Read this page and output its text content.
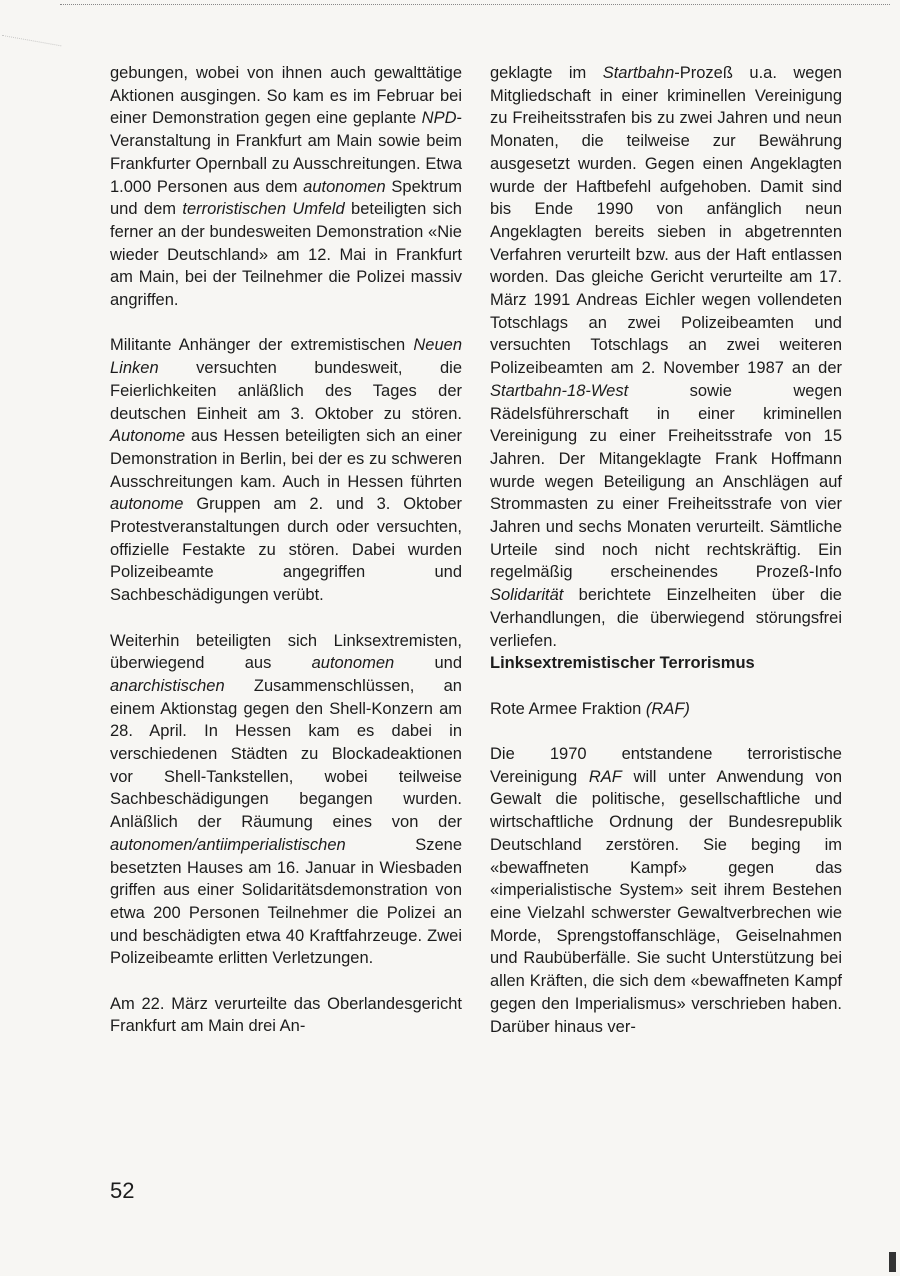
gebungen, wobei von ihnen auch gewalttätige Aktionen ausgingen. So kam es im Februar bei einer Demonstration gegen eine geplante NPD-Veranstaltung in Frankfurt am Main sowie beim Frankfurter Opernball zu Ausschreitungen. Etwa 1.000 Personen aus dem autonomen Spektrum und dem terroristischen Umfeld beteiligten sich ferner an der bundesweiten Demonstration «Nie wieder Deutschland» am 12. Mai in Frankfurt am Main, bei der Teilnehmer die Polizei massiv angriffen.

Militante Anhänger der extremistischen Neuen Linken versuchten bundesweit, die Feierlichkeiten anläßlich des Tages der deutschen Einheit am 3. Oktober zu stören. Autonome aus Hessen beteiligten sich an einer Demonstration in Berlin, bei der es zu schweren Ausschreitungen kam. Auch in Hessen führten autonome Gruppen am 2. und 3. Oktober Protestveranstaltungen durch oder versuchten, offizielle Festakte zu stören. Dabei wurden Polizeibeamte angegriffen und Sachbeschädigungen verübt.

Weiterhin beteiligten sich Linksextremisten, überwiegend aus autonomen und anarchistischen Zusammenschlüssen, an einem Aktionstag gegen den Shell-Konzern am 28. April. In Hessen kam es dabei in verschiedenen Städten zu Blockadeaktionen vor Shell-Tankstellen, wobei teilweise Sachbeschädigungen begangen wurden. Anläßlich der Räumung eines von der autonomen/antiimperialistischen Szene besetzten Hauses am 16. Januar in Wiesbaden griffen aus einer Solidaritätsdemonstration von etwa 200 Personen Teilnehmer die Polizei an und beschädigten etwa 40 Kraftfahrzeuge. Zwei Polizeibeamte erlitten Verletzungen.

Am 22. März verurteilte das Oberlandesgericht Frankfurt am Main drei An-

geklagte im Startbahn-Prozeß u.a. wegen Mitgliedschaft in einer kriminellen Vereinigung zu Freiheitsstrafen bis zu zwei Jahren und neun Monaten, die teilweise zur Bewährung ausgesetzt wurden. Gegen einen Angeklagten wurde der Haftbefehl aufgehoben. Damit sind bis Ende 1990 von anfänglich neun Angeklagten bereits sieben in abgetrennten Verfahren verurteilt bzw. aus der Haft entlassen worden. Das gleiche Gericht verurteilte am 17. März 1991 Andreas Eichler wegen vollendeten Totschlags an zwei Polizeibeamten und versuchten Totschlags an zwei weiteren Polizeibeamten am 2. November 1987 an der Startbahn-18-West sowie wegen Rädelsführerschaft in einer kriminellen Vereinigung zu einer Freiheitsstrafe von 15 Jahren. Der Mitangeklagte Frank Hoffmann wurde wegen Beteiligung an Anschlägen auf Strommasten zu einer Freiheitsstrafe von vier Jahren und sechs Monaten verurteilt. Sämtliche Urteile sind noch nicht rechtskräftig. Ein regelmäßig erscheinendes Prozeß-Info Solidarität berichtete Einzelheiten über die Verhandlungen, die überwiegend störungsfrei verliefen.

Linksextremistischer Terrorismus

Rote Armee Fraktion (RAF)

Die 1970 entstandene terroristische Vereinigung RAF will unter Anwendung von Gewalt die politische, gesellschaftliche und wirtschaftliche Ordnung der Bundesrepublik Deutschland zerstören. Sie beging im «bewaffneten Kampf» gegen das «imperialistische System» seit ihrem Bestehen eine Vielzahl schwerster Gewaltverbrechen wie Morde, Sprengstoffanschläge, Geiselnahmen und Raubüberfälle. Sie sucht Unterstützung bei allen Kräften, die sich dem «bewaffneten Kampf gegen den Imperialismus» verschrieben haben. Darüber hinaus ver-

52
